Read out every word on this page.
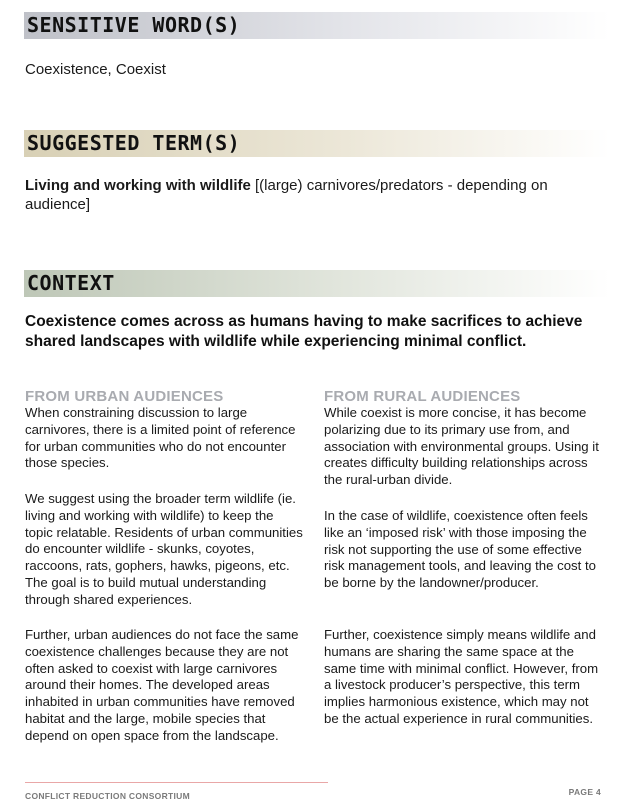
SENSITIVE WORD(S)

Coexistence, Coexist

SUGGESTED TERM(S)

Living and working with wildlife [(large) carnivores/predators - depending on audience]

CONTEXT

Coexistence comes across as humans having to make sacrifices to achieve shared landscapes with wildlife while experiencing minimal conflict.

FROM URBAN AUDIENCES

When constraining discussion to large carnivores, there is a limited point of reference for urban communities who do not encounter those species.

We suggest using the broader term wildlife (ie. living and working with wildlife) to keep the topic relatable. Residents of urban communities do encounter wildlife - skunks, coyotes, raccoons, rats, gophers, hawks, pigeons, etc. The goal is to build mutual understanding through shared experiences.

Further, urban audiences do not face the same coexistence challenges because they are not often asked to coexist with large carnivores around their homes. The developed areas inhabited in urban communities have removed habitat and the large, mobile species that depend on open space from the landscape.

FROM RURAL AUDIENCES

While coexist is more concise, it has become polarizing due to its primary use from, and association with environmental groups. Using it creates difficulty building relationships across the rural-urban divide.

In the case of wildlife, coexistence often feels like an ‘imposed risk’ with those imposing the risk not supporting the use of some effective risk management tools, and leaving the cost to be borne by the landowner/producer.

Further, coexistence simply means wildlife and humans are sharing the same space at the same time with minimal conflict. However, from a livestock producer’s perspective, this term implies harmonious existence, which may not be the actual experience in rural communities.

CONFLICT REDUCTION CONSORTIUM	PAGE 4
